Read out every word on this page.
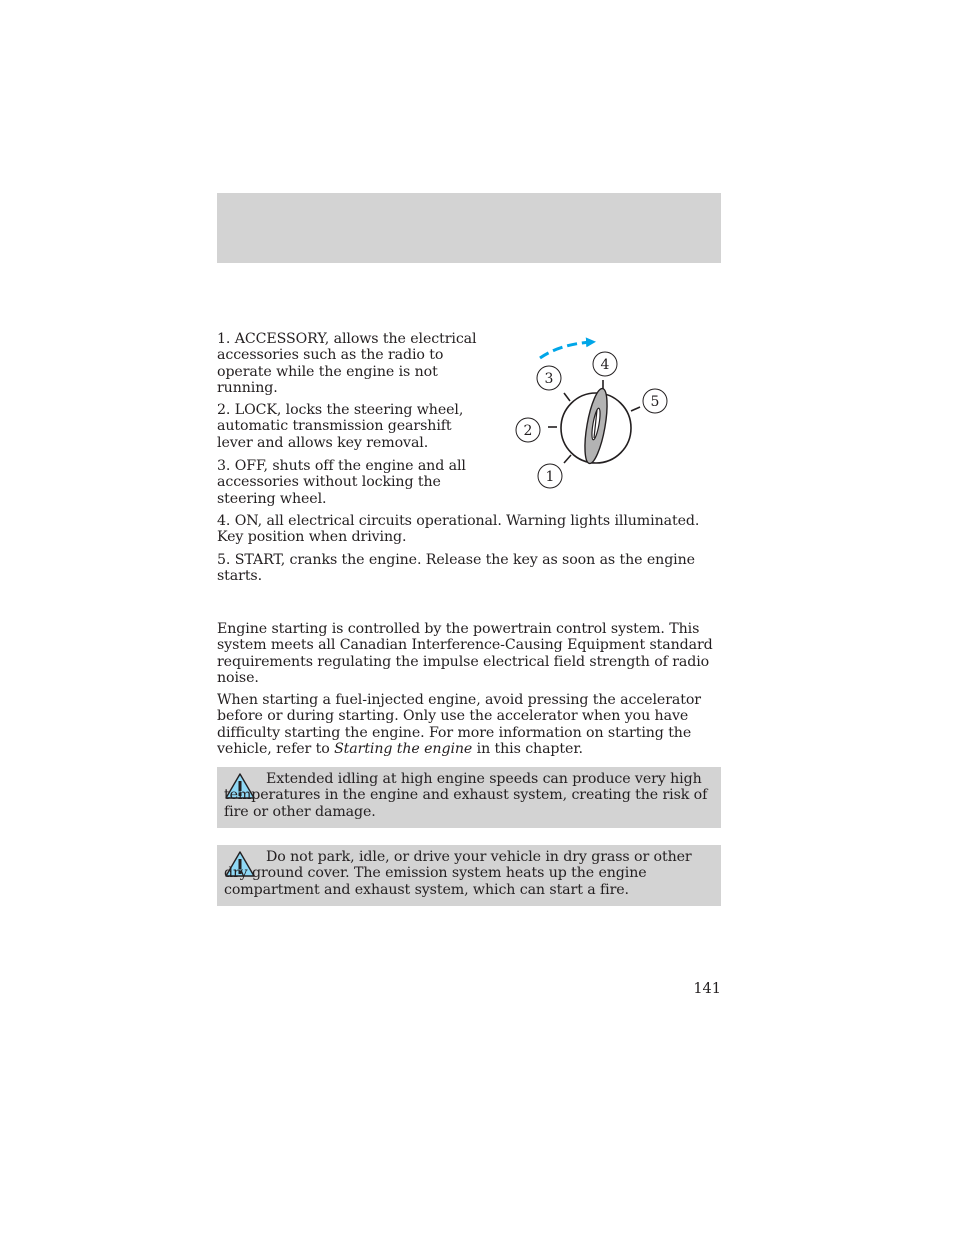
1. ACCESSORY, allows the electrical accessories such as the radio to operate while the engine is not running.

2. LOCK, locks the steering wheel, automatic transmission gearshift lever and allows key removal.

3. OFF, shuts off the engine and all accessories without locking the steering wheel.

4. ON, all electrical circuits operational. Warning lights illuminated. Key position when driving.

5. START, cranks the engine. Release the key as soon as the engine starts.

1
2
3
4
5

Engine starting is controlled by the powertrain control system. This system meets all Canadian Interference-Causing Equipment standard requirements regulating the impulse electrical field strength of radio noise.

When starting a fuel-injected engine, avoid pressing the accelerator before or during starting. Only use the accelerator when you have difficulty starting the engine. For more information on starting the vehicle, refer to Starting the engine in this chapter.

Extended idling at high engine speeds can produce very high temperatures in the engine and exhaust system, creating the risk of fire or other damage.

Do not park, idle, or drive your vehicle in dry grass or other dry ground cover. The emission system heats up the engine compartment and exhaust system, which can start a fire.

141
